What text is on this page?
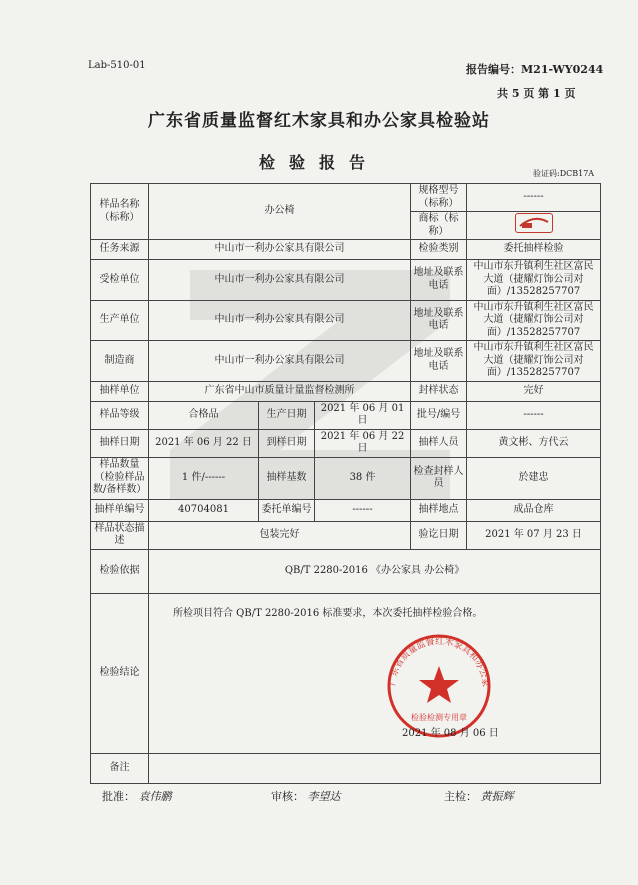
Lab-510-01	报告编号：M21-WY0244
共 5 页 第 1 页
广东省质量监督红木家具和办公家具检验站
检验报告
验证码:DCB17A
样品名称（标称）	办公椅			规格型号（标称）	------
				商标（标称）	

任务来源	中山市一利办公家具有限公司			检验类别	委托抽样检验
受检单位	中山市一利办公家具有限公司			地址及联系电话	中山市东升镇利生社区富民大道（捷耀灯饰公司对面）/13528257707
生产单位	中山市一利办公家具有限公司			地址及联系电话	中山市东升镇利生社区富民大道（捷耀灯饰公司对面）/13528257707
制造商	中山市一利办公家具有限公司			地址及联系电话	中山市东升镇利生社区富民大道（捷耀灯饰公司对面）/13528257707
抽样单位	广东省中山市质量计量监督检测所			封样状态	完好
样品等级	合格品	生产日期	2021 年 06 月 01 日	批号/编号	------
抽样日期	2021 年 06 月 22 日	到样日期	2021 年 06 月 22 日	抽样人员	黄文彬、方代云
样品数量（检验样品数/备样数）	1 件/------	抽样基数	38 件	检查封样人员	於建忠
抽样单编号	40704081	委托单编号	------	抽样地点	成品仓库
样品状态描述	包装完好			验讫日期	2021 年 07 月 23 日
检验依据	QB/T 2280-2016 《办公家具 办公椅》				
检验结论	所检项目符合 QB/T 2280-2016 标准要求，本次委托抽样检验合格。				

备注					
广东省质量监督红木家具和办公家
检验检测专用章
2021 年 08 月 06 日
批准： 袁伟鹏	审核： 李望达	主检： 黄振辉
